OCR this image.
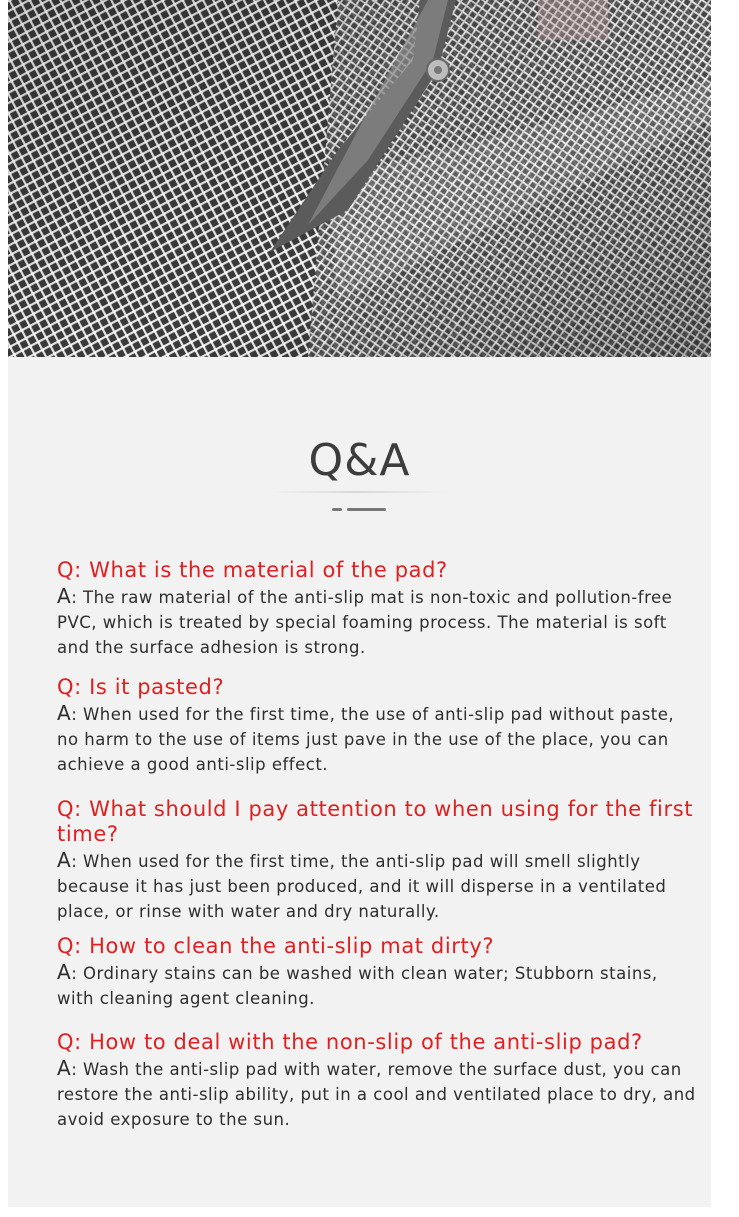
Q&A
Q: What is the material of the pad?
A: The raw material of the anti-slip mat is non-toxic and pollution-free PVC, which is treated by special foaming process. The material is soft and the surface adhesion is strong.
Q: Is it pasted?
A: When used for the first time, the use of anti-slip pad without paste, no harm to the use of items just pave in the use of the place, you can achieve a good anti-slip effect.
Q: What should I pay attention to when using for the first time?
A: When used for the first time, the anti-slip pad will smell slightly because it has just been produced, and it will disperse in a ventilated place, or rinse with water and dry naturally.
Q: How to clean the anti-slip mat dirty?
A: Ordinary stains can be washed with clean water; Stubborn stains, with cleaning agent cleaning.
Q: How to deal with the non-slip of the anti-slip pad?
A: Wash the anti-slip pad with water, remove the surface dust, you can restore the anti-slip ability, put in a cool and ventilated place to dry, and avoid exposure to the sun.
